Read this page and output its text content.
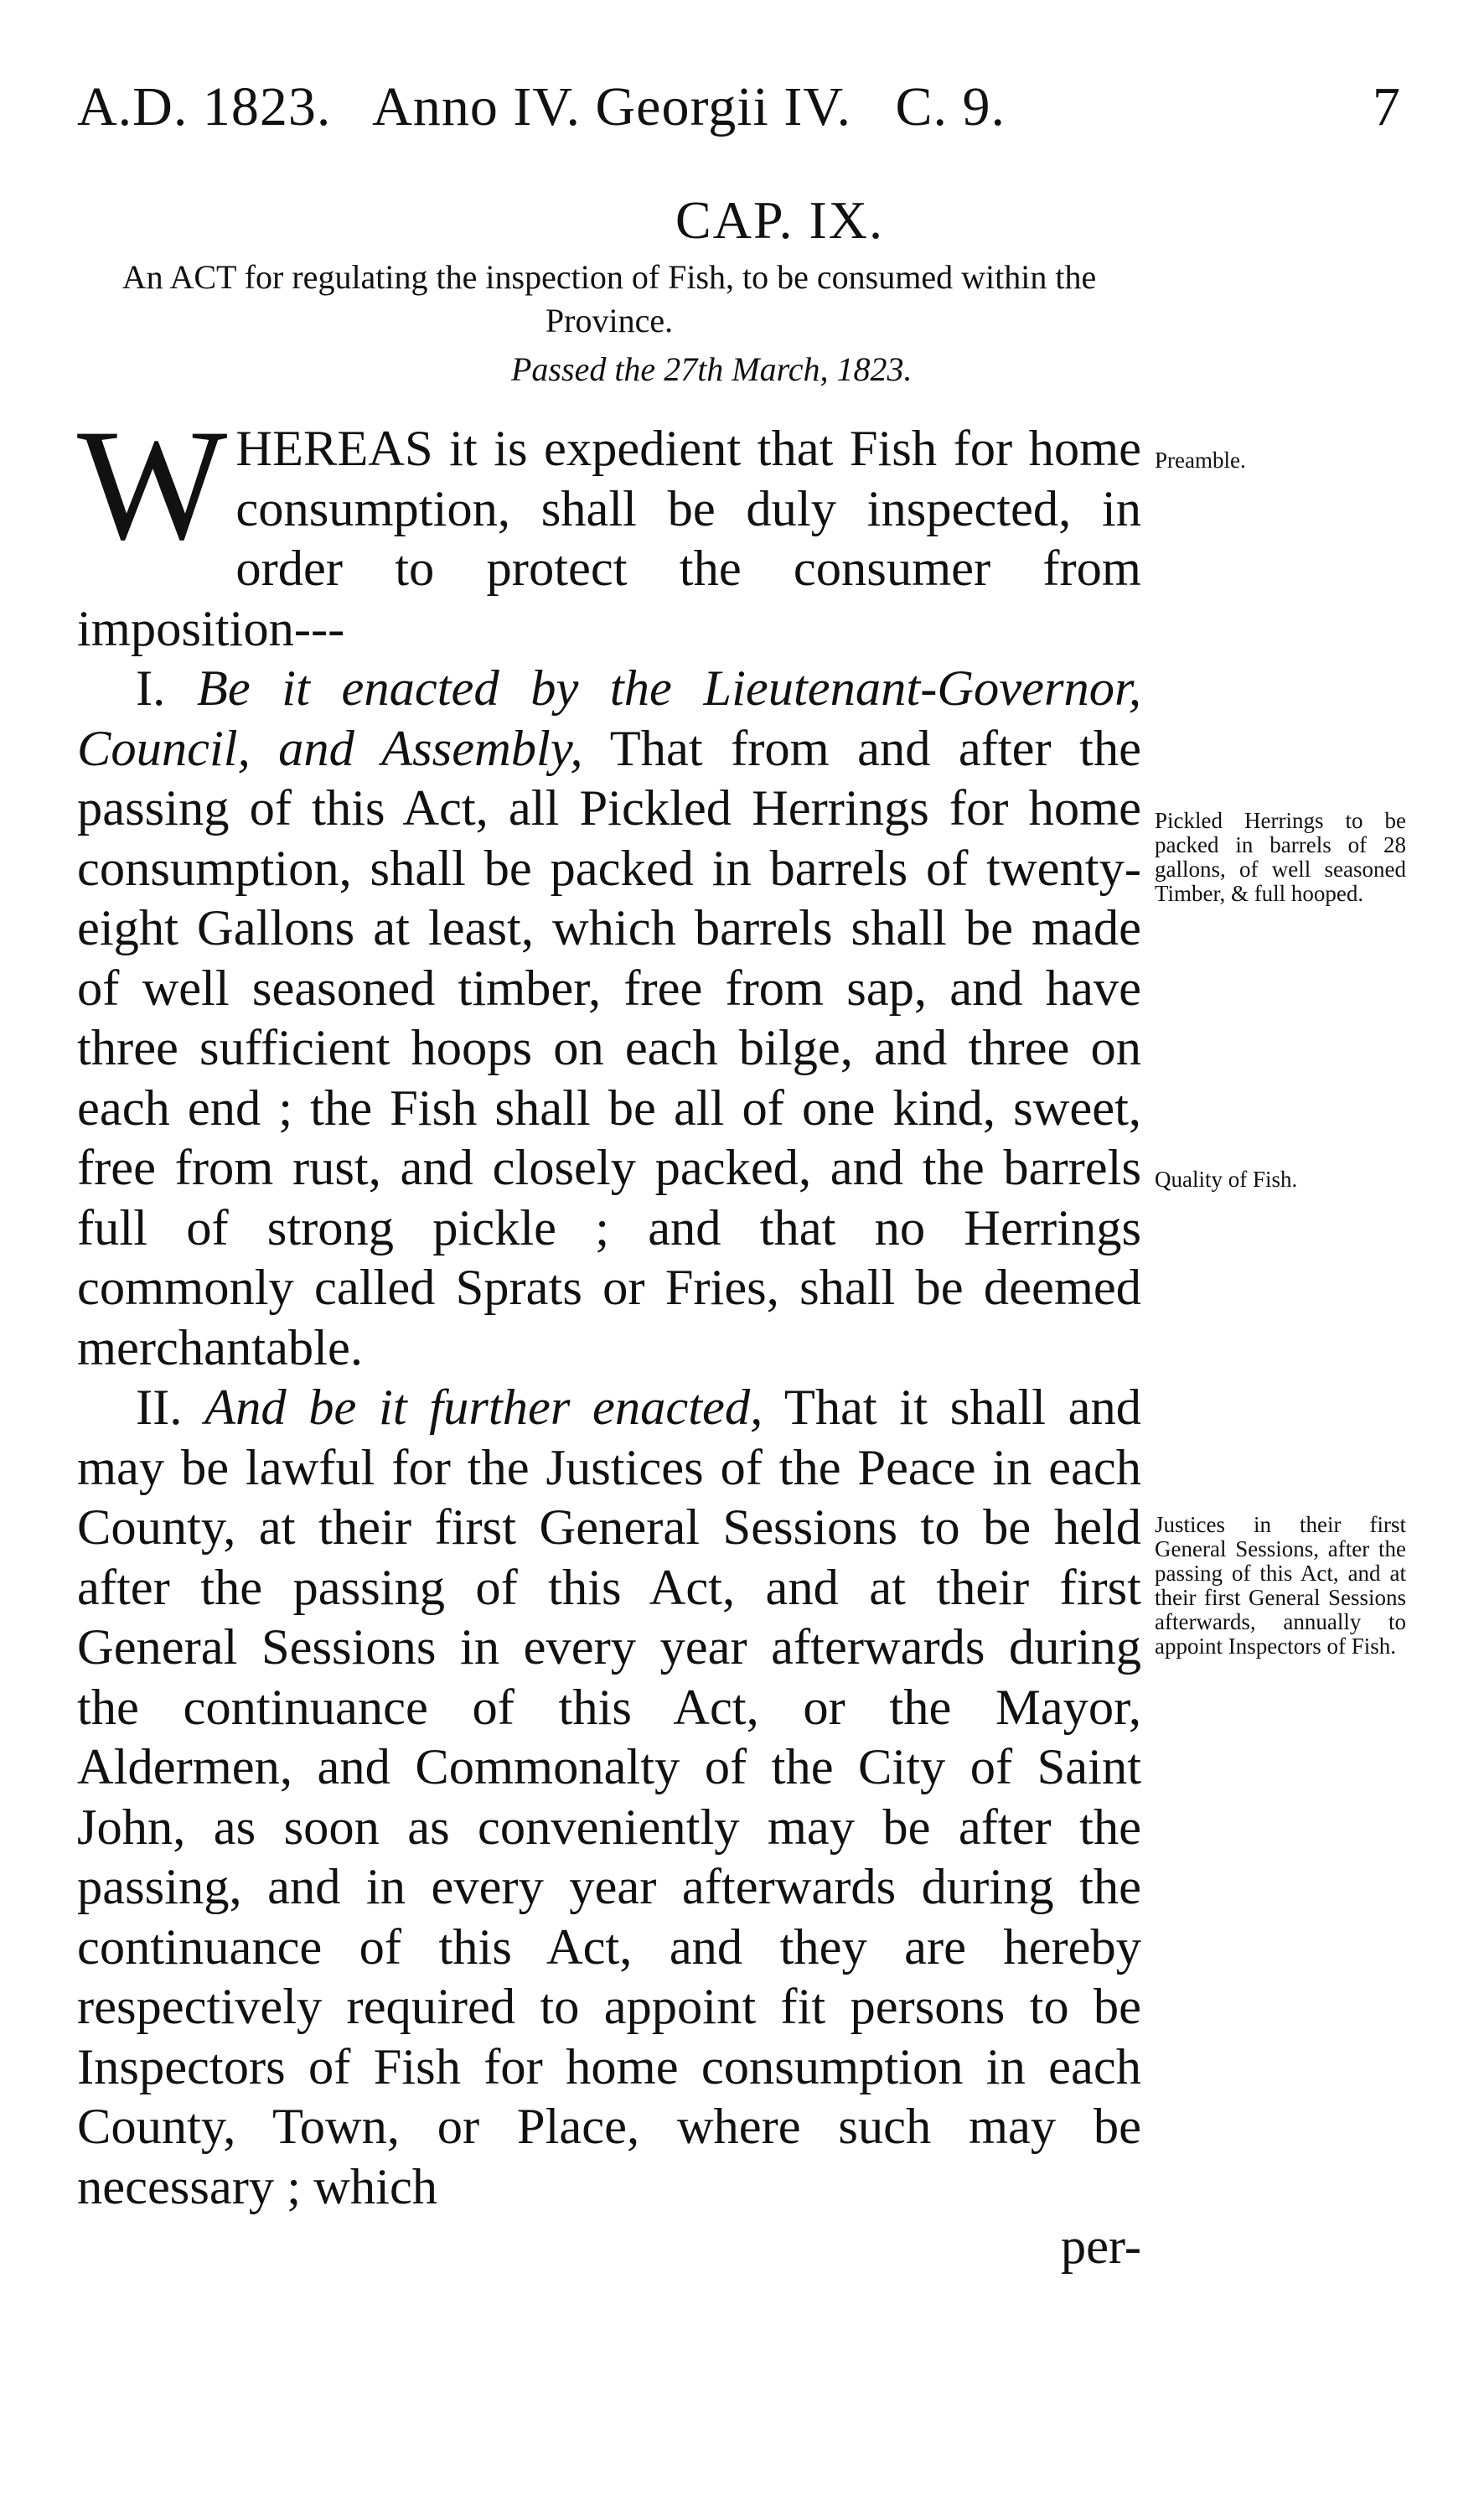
A.D. 1823.   Anno IV. Georgii IV.   C. 9.	7
CAP. IX.
An ACT for regulating the inspection of Fish, to be consumed within the Province.
Passed the 27th March, 1823.

WHEREAS it is expedient that Fish for home consumption, shall be duly inspected, in order to protect the consumer from imposition---

I. Be it enacted by the Lieutenant-Governor, Council, and Assembly, That from and after the passing of this Act, all Pickled Herrings for home consumption, shall be packed in barrels of twenty-eight Gallons at least, which barrels shall be made of well seasoned timber, free from sap, and have three sufficient hoops on each bilge, and three on each end ; the Fish shall be all of one kind, sweet, free from rust, and closely packed, and the barrels full of strong pickle ; and that no Herrings commonly called Sprats or Fries, shall be deemed merchantable.

II. And be it further enacted, That it shall and may be lawful for the Justices of the Peace in each County, at their first General Sessions to be held after the passing of this Act, and at their first General Sessions in every year afterwards during the continuance of this Act, or the Mayor, Aldermen, and Commonalty of the City of Saint John, as soon as conveniently may be after the passing, and in every year afterwards during the continuance of this Act, and they are hereby respectively required to appoint fit persons to be Inspectors of Fish for home consumption in each County, Town, or Place, where such may be necessary ; which

per-

Preamble.
Pickled Herrings to be packed in barrels of 28 gallons, of well seasoned Timber, & full hooped.
Quality of Fish.
Justices in their first General Sessions, after the passing of this Act, and at their first General Sessions afterwards, annually to appoint Inspectors of Fish.
